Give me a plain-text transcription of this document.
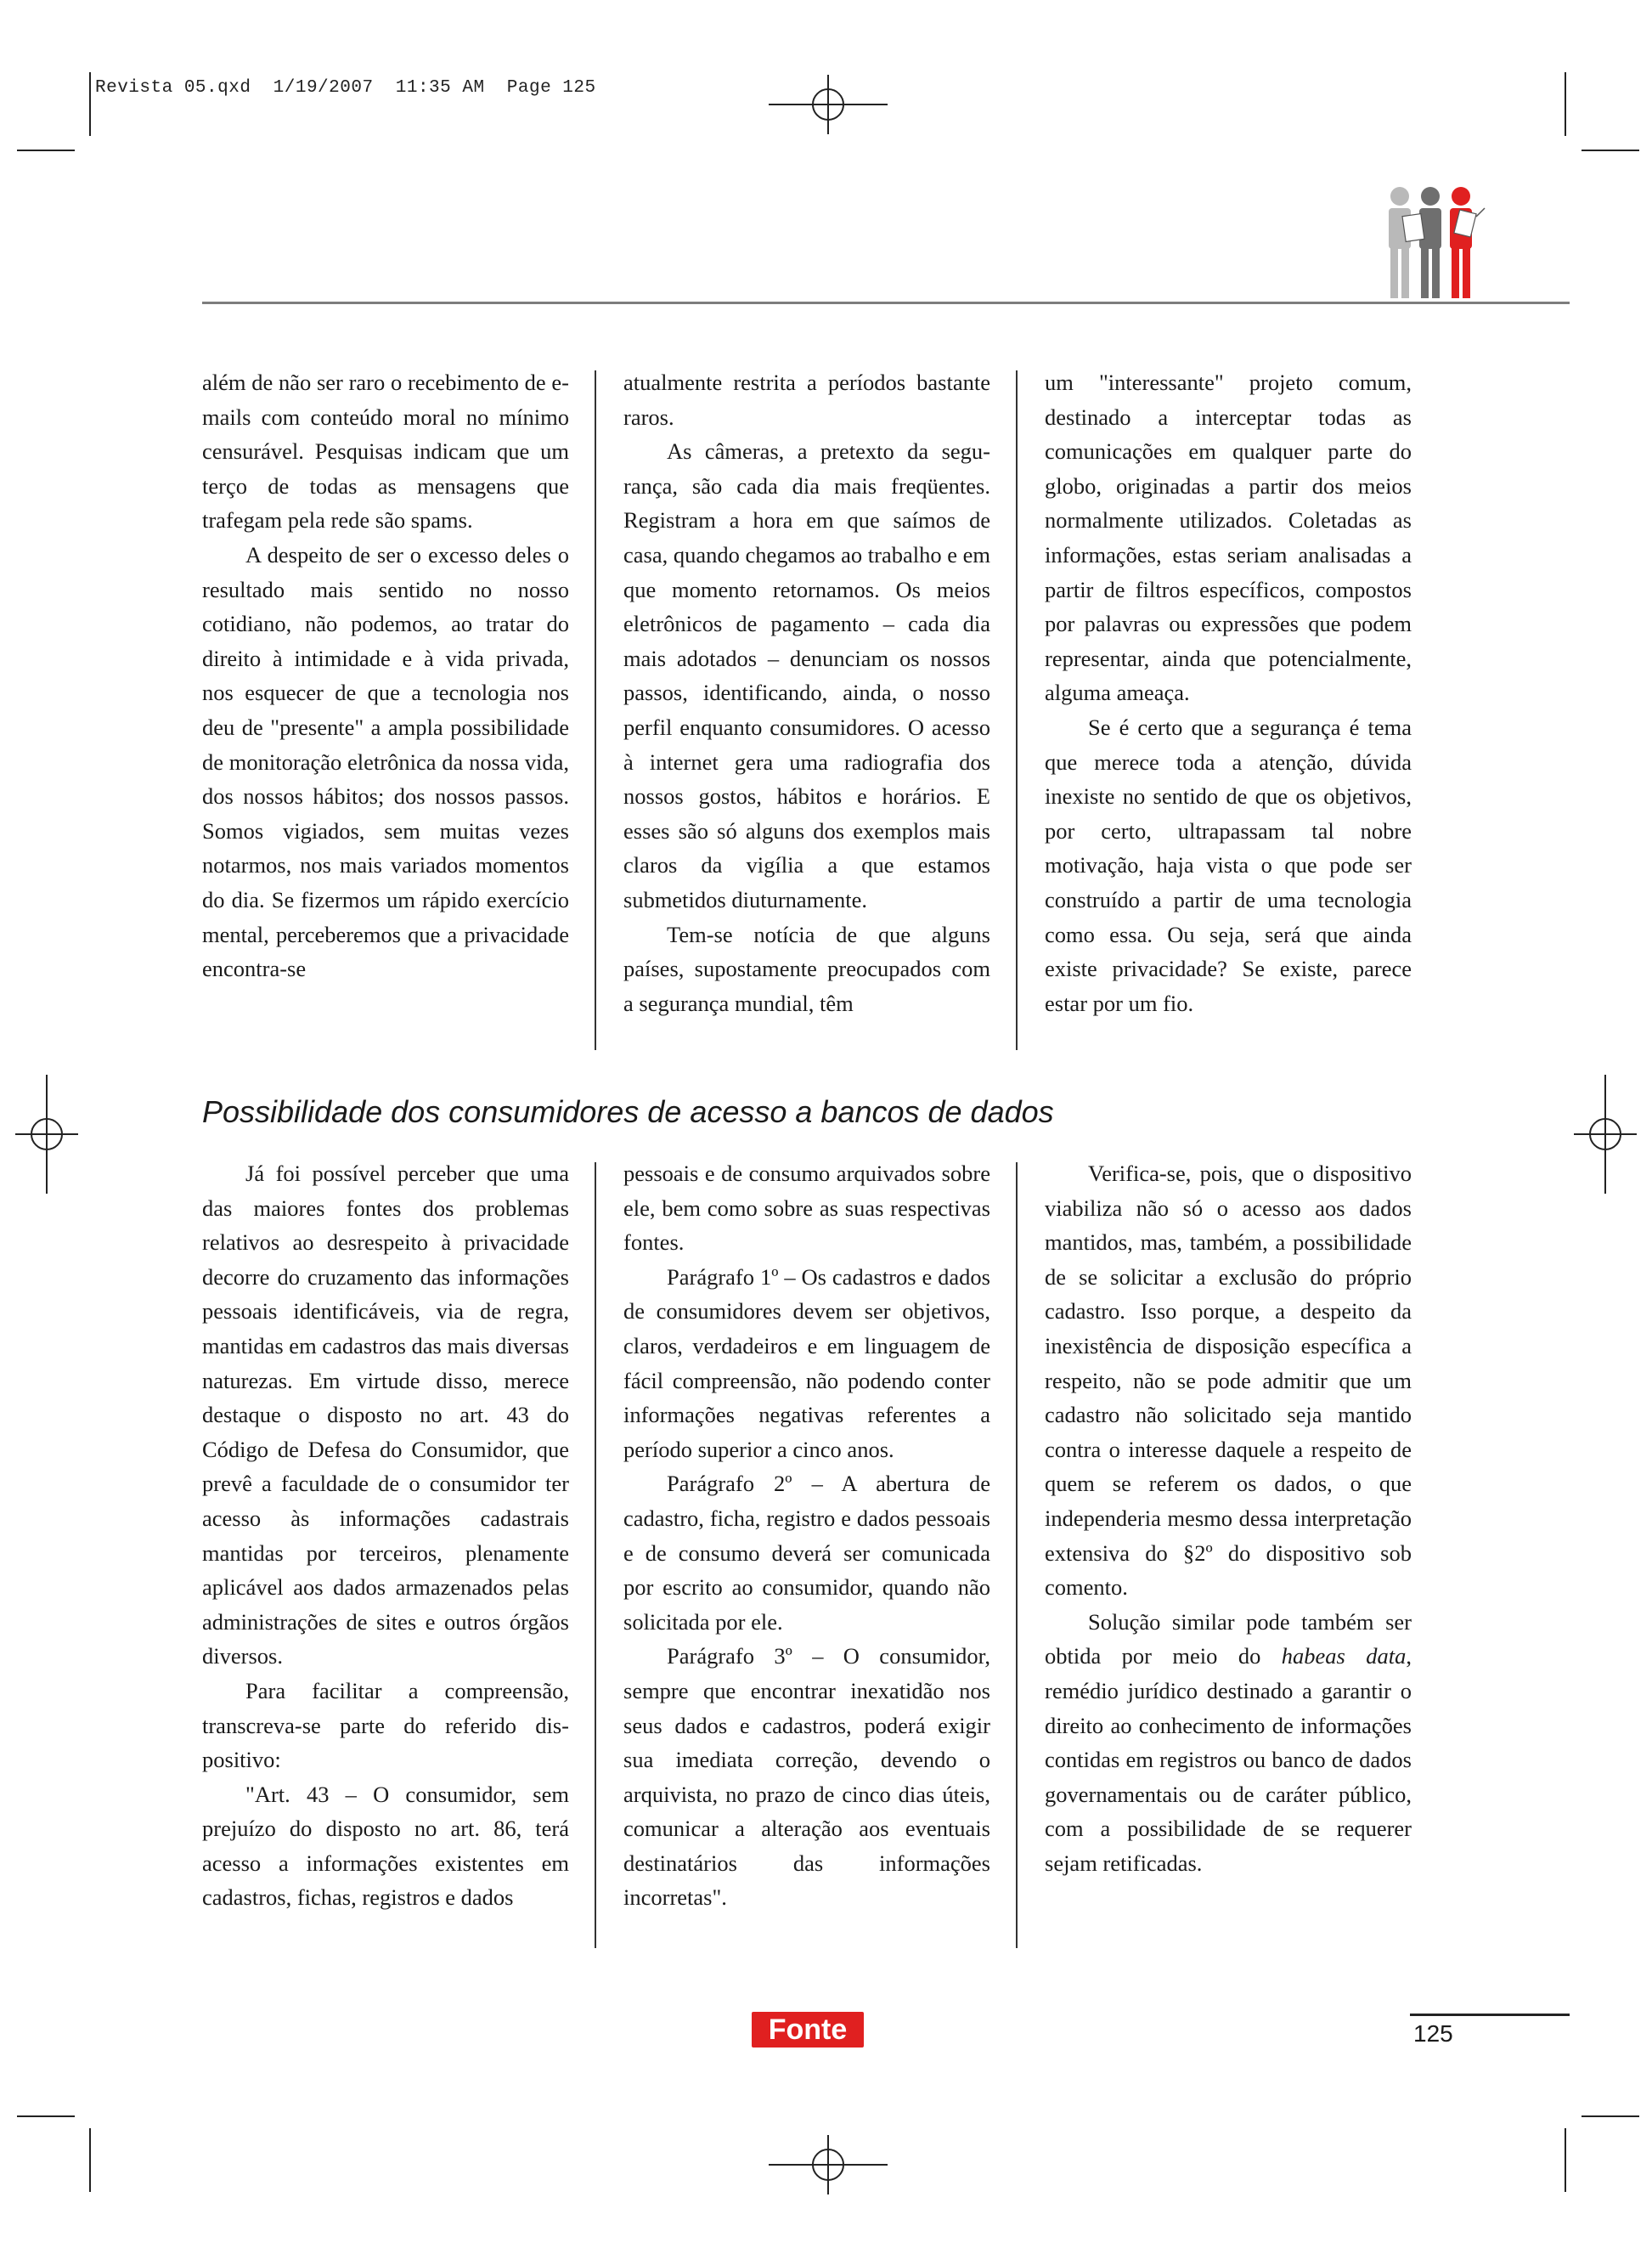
Revista 05.qxd  1/19/2007  11:35 AM  Page 125

além de não ser raro o recebimento de e-mails com conteúdo moral no mínimo censurável. Pesquisas indicam que um terço de todas as mensagens que trafegam pela rede são spams.

A despeito de ser o excesso deles o resultado mais sentido no nosso cotidiano, não podemos, ao tratar do direito à intimidade e à vida privada, nos esquecer de que a tecnologia nos deu de "presente" a ampla possibilidade de monitoração eletrônica da nossa vida, dos nossos hábitos; dos nossos passos. Somos vigiados, sem muitas vezes notarmos, nos mais variados momentos do dia. Se fizermos um rápido exercício mental, perceberemos que a privacidade encontra-se

atualmente restrita a períodos bastante raros.

As câmeras, a pretexto da segurança, são cada dia mais freqüentes. Registram a hora em que saímos de casa, quando chegamos ao trabalho e em que momento retornamos. Os meios eletrônicos de pagamento – cada dia mais adotados – denunciam os nossos passos, identificando, ainda, o nosso perfil enquanto consumidores. O acesso à internet gera uma radiografia dos nossos gostos, hábitos e horários. E esses são só alguns dos exemplos mais claros da vigília a que estamos submetidos diuturnamente.

Tem-se notícia de que alguns países, supostamente preocupados com a segurança mundial, têm

um "interessante" projeto comum, destinado a interceptar todas as comunicações em qualquer parte do globo, originadas a partir dos meios normalmente utilizados. Coletadas as informações, estas seriam analisadas a partir de filtros específicos, compostos por palavras ou expressões que podem representar, ainda que potencialmente, alguma ameaça.

Se é certo que a segurança é tema que merece toda a atenção, dúvida inexiste no sentido de que os objetivos, por certo, ultrapassam tal nobre motivação, haja vista o que pode ser construído a partir de uma tecnologia como essa. Ou seja, será que ainda existe privacidade? Se existe, parece estar por um fio.

Possibilidade dos consumidores de acesso a bancos de dados

Já foi possível perceber que uma das maiores fontes dos problemas relativos ao desrespeito à privacidade decorre do cruzamento das informações pessoais identificáveis, via de regra, mantidas em cadastros das mais diversas naturezas. Em virtude disso, merece destaque o disposto no art. 43 do Código de Defesa do Consumidor, que prevê a faculdade de o consumidor ter acesso às informações cadastrais mantidas por terceiros, plenamente aplicável aos dados armazenados pelas administrações de sites e outros órgãos diversos.

Para facilitar a compreensão, transcreva-se parte do referido dispositivo:

"Art. 43 – O consumidor, sem prejuízo do disposto no art. 86, terá acesso a informações existentes em cadastros, fichas, registros e dados

pessoais e de consumo arquivados sobre ele, bem como sobre as suas respectivas fontes.

Parágrafo 1º – Os cadastros e dados de consumidores devem ser objetivos, claros, verdadeiros e em linguagem de fácil compreensão, não podendo conter informações negativas referentes a período superior a cinco anos.

Parágrafo 2º – A abertura de cadastro, ficha, registro e dados pessoais e de consumo deverá ser comunicada por escrito ao consumidor, quando não solicitada por ele.

Parágrafo 3º – O consumidor, sempre que encontrar inexatidão nos seus dados e cadastros, poderá exigir sua imediata correção, devendo o arquivista, no prazo de cinco dias úteis, comunicar a alteração aos eventuais destinatários das informações incorretas".

Verifica-se, pois, que o dispositivo viabiliza não só o acesso aos dados mantidos, mas, também, a possibilidade de se solicitar a exclusão do próprio cadastro. Isso porque, a despeito da inexistência de disposição específica a respeito, não se pode admitir que um cadastro não solicitado seja mantido contra o interesse daquele a respeito de quem se referem os dados, o que independeria mesmo dessa interpretação extensiva do §2º do dispositivo sob comento.

Solução similar pode também ser obtida por meio do habeas data, remédio jurídico destinado a garantir o direito ao conhecimento de informações contidas em registros ou banco de dados governamentais ou de caráter público, com a possibilidade de se requerer sejam retificadas.

Fonte	125
